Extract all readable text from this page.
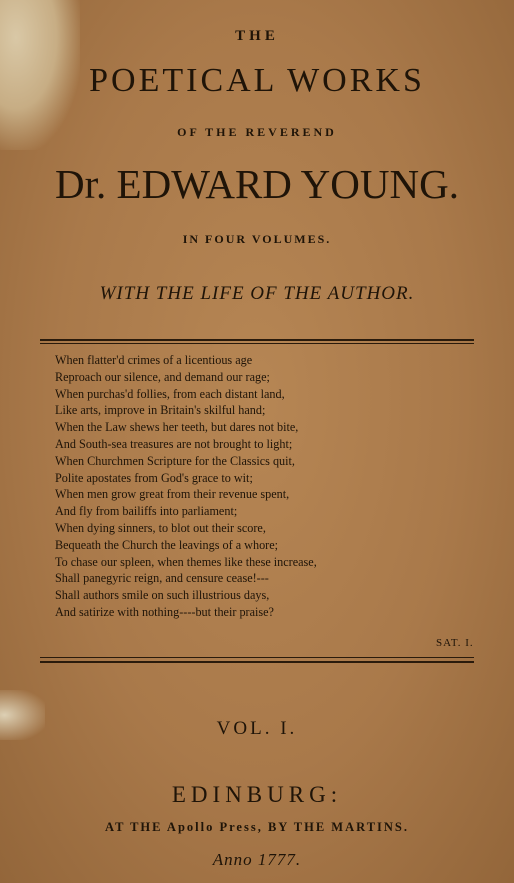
THE
POETICAL WORKS
OF THE REVEREND
Dr. EDWARD YOUNG.
IN FOUR VOLUMES.
WITH THE LIFE OF THE AUTHOR.
When flatter'd crimes of a licentious age
Reproach our silence, and demand our rage;
When purchas'd follies, from each distant land,
Like arts, improve in Britain's skilful hand;
When the Law shews her teeth, but dares not bite,
And South-sea treasures are not brought to light;
When Churchmen Scripture for the Classics quit,
Polite apostates from God's grace to wit;
When men grow great from their revenue spent,
And fly from bailiffs into parliament;
When dying sinners, to blot out their score,
Bequeath the Church the leavings of a whore;
To chase our spleen, when themes like these increase,
Shall panegyric reign, and censure cease!---
Shall authors smile on such illustrious days,
And satirize with nothing----but their praise?
SAT. I.
VOL. I.
EDINBURG:
AT THE Apollo Press, BY THE MARTINS.
Anno 1777.
